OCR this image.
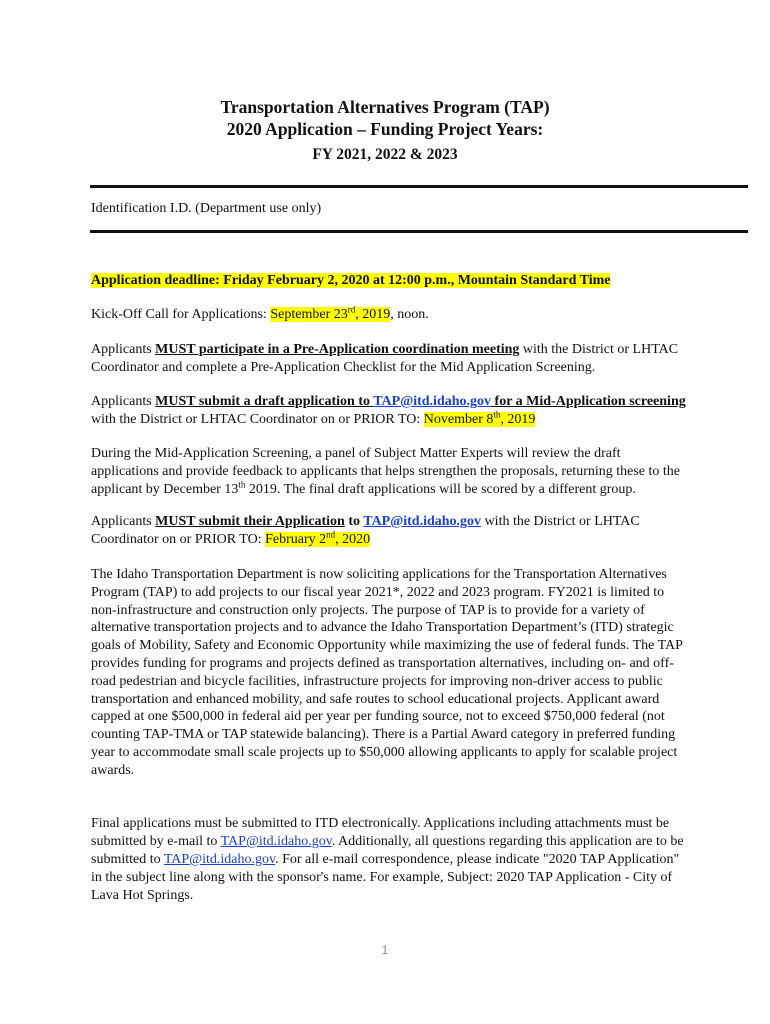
Transportation Alternatives Program (TAP)
2020 Application – Funding Project Years:
FY 2021, 2022 & 2023
Identification I.D. (Department use only)
Application deadline: Friday February 2, 2020 at 12:00 p.m., Mountain Standard Time
Kick-Off Call for Applications: September 23rd, 2019, noon.
Applicants MUST participate in a Pre-Application coordination meeting with the District or LHTAC Coordinator and complete a Pre-Application Checklist for the Mid Application Screening.
Applicants MUST submit a draft application to TAP@itd.idaho.gov for a Mid-Application screening with the District or LHTAC Coordinator on or PRIOR TO: November 8th, 2019
During the Mid-Application Screening, a panel of Subject Matter Experts will review the draft applications and provide feedback to applicants that helps strengthen the proposals, returning these to the applicant by December 13th 2019. The final draft applications will be scored by a different group.
Applicants MUST submit their Application to TAP@itd.idaho.gov with the District or LHTAC Coordinator on or PRIOR TO: February 2nd, 2020
The Idaho Transportation Department is now soliciting applications for the Transportation Alternatives Program (TAP) to add projects to our fiscal year 2021*, 2022 and 2023 program. FY2021 is limited to non-infrastructure and construction only projects. The purpose of TAP is to provide for a variety of alternative transportation projects and to advance the Idaho Transportation Department’s (ITD) strategic goals of Mobility, Safety and Economic Opportunity while maximizing the use of federal funds. The TAP provides funding for programs and projects defined as transportation alternatives, including on- and off-road pedestrian and bicycle facilities, infrastructure projects for improving non-driver access to public transportation and enhanced mobility, and safe routes to school educational projects. Applicant award capped at one $500,000 in federal aid per year per funding source, not to exceed $750,000 federal (not counting TAP-TMA or TAP statewide balancing). There is a Partial Award category in preferred funding year to accommodate small scale projects up to $50,000 allowing applicants to apply for scalable project awards.
Final applications must be submitted to ITD electronically. Applications including attachments must be submitted by e-mail to TAP@itd.idaho.gov. Additionally, all questions regarding this application are to be submitted to TAP@itd.idaho.gov. For all e-mail correspondence, please indicate "2020 TAP Application" in the subject line along with the sponsor's name. For example, Subject: 2020 TAP Application - City of Lava Hot Springs.
1
